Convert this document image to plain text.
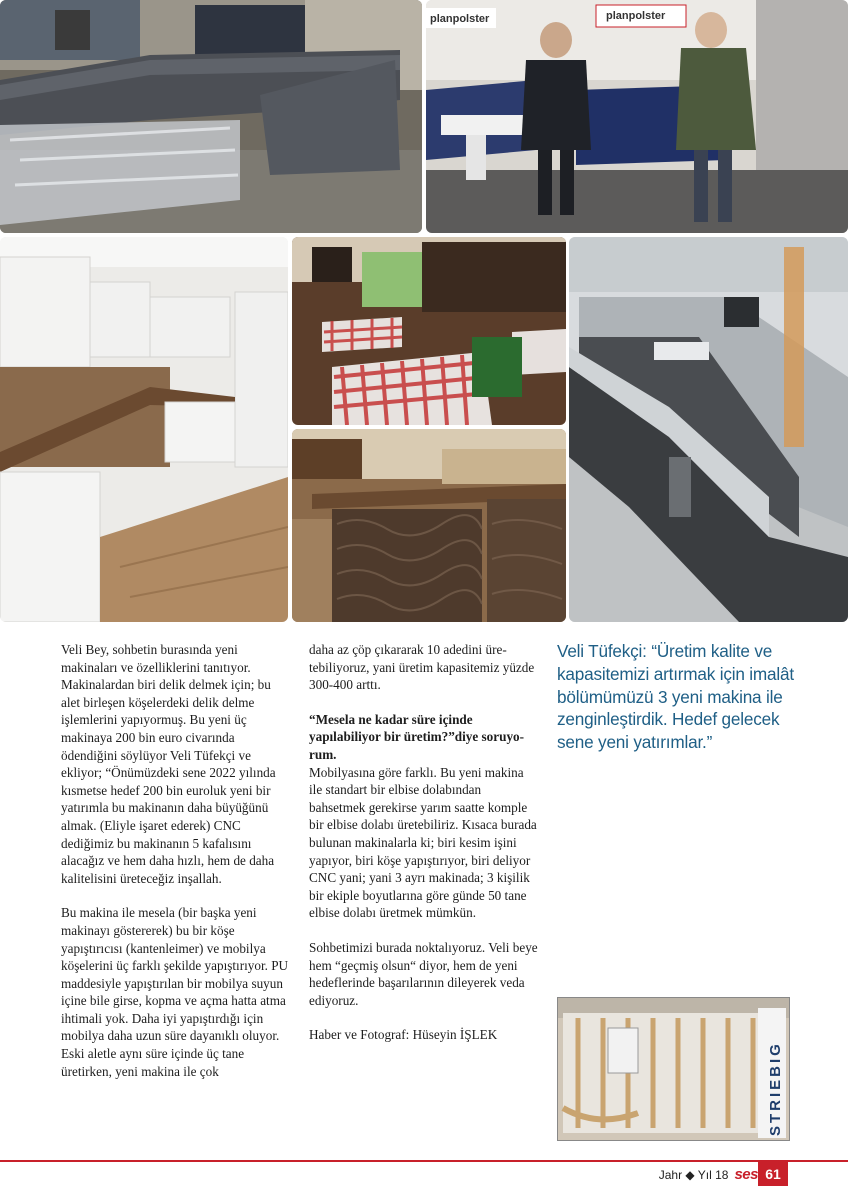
planpolster	planpolster
STRIEBIG

Veli Bey, sohbetin burasında yeni makinaları ve özelliklerini tanıtıyor. Makinalardan biri delik delmek için; bu alet birleşen köşelerdeki delik delme işlemlerini yapıyormuş. Bu yeni üç makinaya 200 bin euro civarında ödendiğini söylüyor Veli Tüfekçi ve ekliyor; “Önümüzdeki sene 2022 yılında kısmetse hedef 200 bin euroluk yeni bir yatırımla bu makinanın daha büyüğünü almak. (Eliyle işaret ederek) CNC dediğimiz bu makinanın 5 kafalısını alacağız ve hem daha hızlı, hem de daha kalitelisini üreteceğiz inşallah.

Bu makina ile mesela (bir başka yeni makinayı göstererek) bu bir köşe yapıştırıcısı (kantenleimer) ve mobilya köşelerini üç farklı şekilde yapıştırıyor. PU maddesiyle yapıştırılan bir mobilya suyun içine bile girse, kopma ve açma hatta atma ihtimali yok. Daha iyi yapıştırdığı için mobilya daha uzun süre dayanıklı oluyor. Eski aletle aynı süre içinde üç tane üretirken, yeni makina ile çok

daha az çöp çıkararak 10 adedini üretebiliyoruz, yani üretim kapasitemiz yüzde 300-400 arttı.

“Mesela ne kadar süre içinde yapılabiliyor bir üretim?”diye soruyorum.

Mobilyasına göre farklı. Bu yeni makina ile standart bir elbise dolabından bahsetmek gerekirse yarım saatte komple bir elbise dolabı üretebiliriz. Kısaca burada bulunan makinalarla ki; biri kesim işini yapıyor, biri köşe yapıştırıyor, biri deliyor CNC yani; yani 3 ayrı makinada; 3 kişilik bir ekiple boyutlarına göre günde 50 tane elbise dolabı üretmek mümkün.

Sohbetimizi burada noktalıyoruz. Veli beye hem “geçmiş olsun“ diyor, hem de yeni hedeflerinde başarılarının dileyerek veda ediyoruz.

Haber ve Fotograf: Hüseyin İŞLEK

Veli Tüfekçi: “Üretim kalite ve kapasitemizi artırmak için imalât bölümümüzü 3 yeni makina ile zenginleştirdik. Hedef gelecek sene yeni yatırımlar.”
Jahr ◆ Yıl 18 ses 61
